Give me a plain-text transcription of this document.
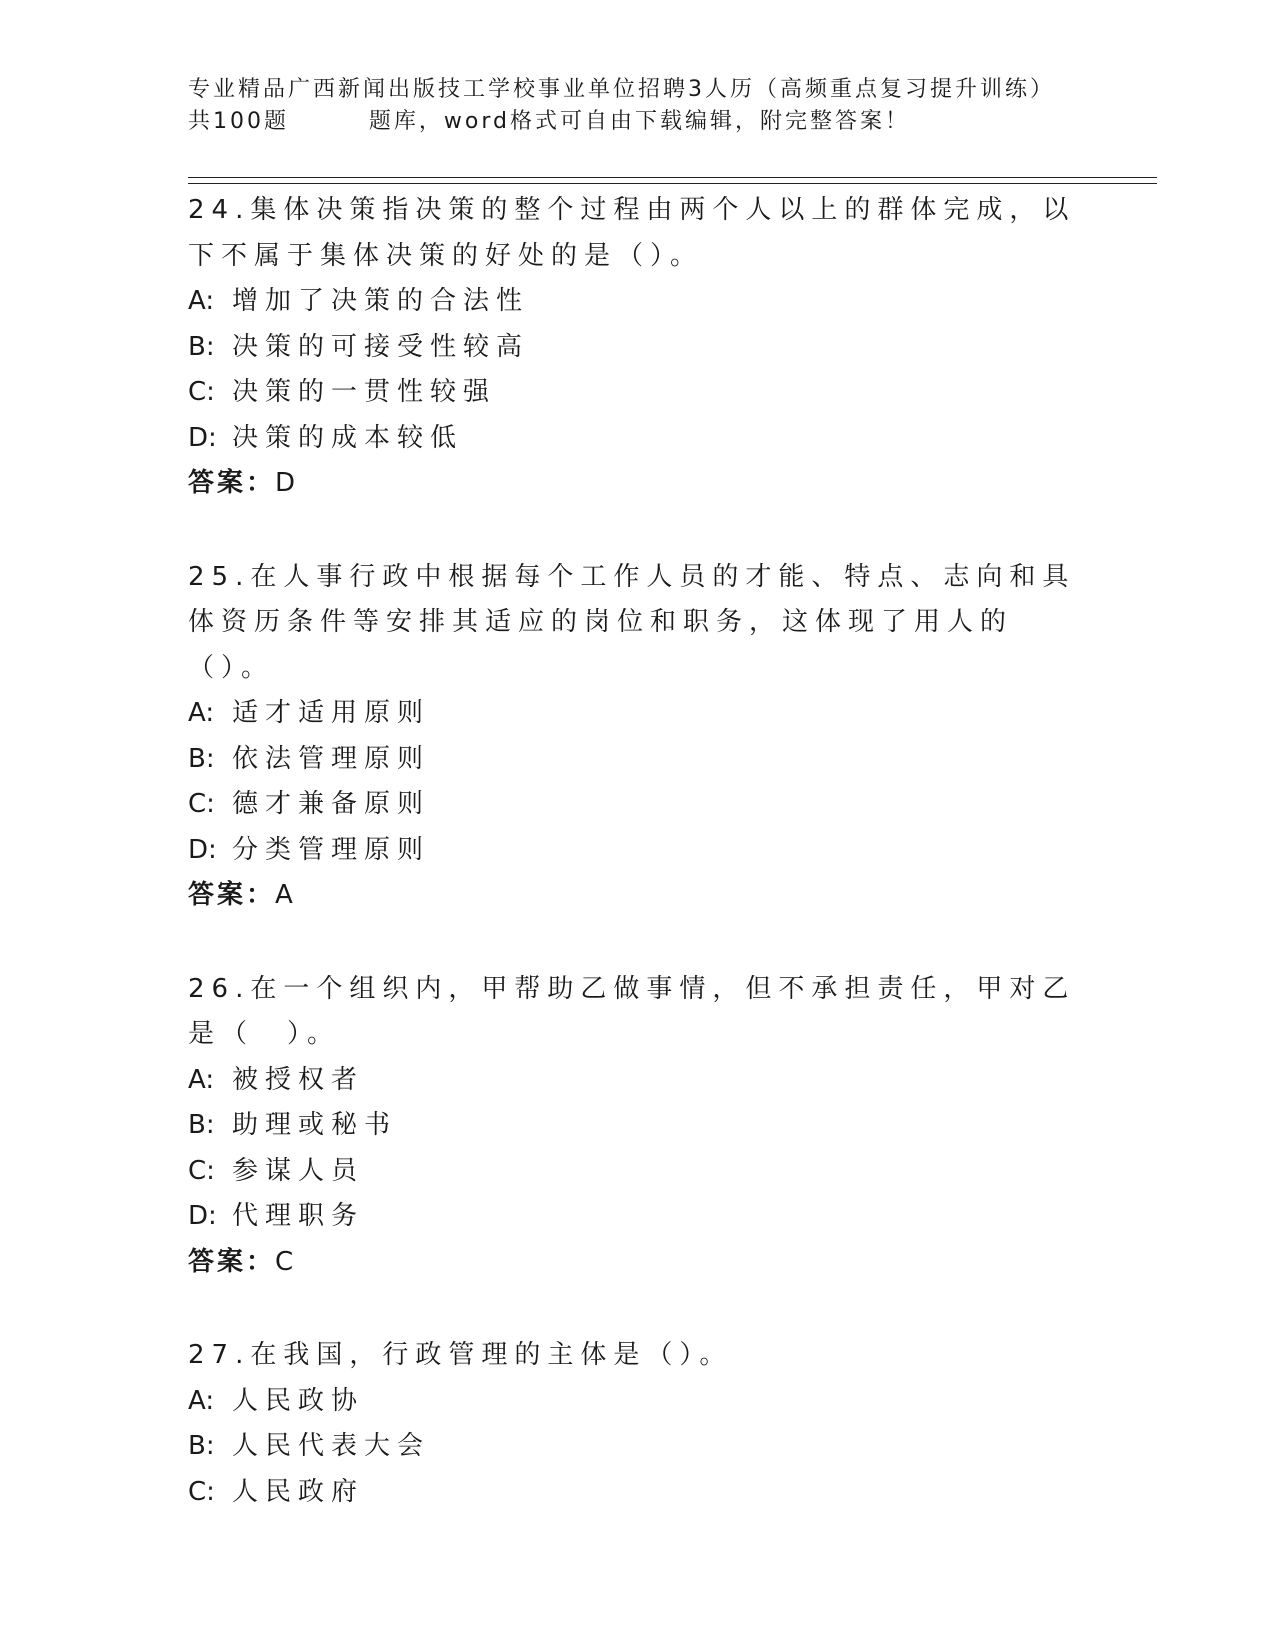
专业精品广西新闻出版技工学校事业单位招聘3人历（高频重点复习提升训练）
共100题        题库，word格式可自由下载编辑，附完整答案！

24.集体决策指决策的整个过程由两个人以上的群体完成，以下不属于集体决策的好处的是（）。

A: 增加了决策的合法性

B: 决策的可接受性较高

C: 决策的一贯性较强

D: 决策的成本较低

答案：D

25.在人事行政中根据每个工作人员的才能、特点、志向和具体资历条件等安排其适应的岗位和职务，这体现了用人的（）。

A: 适才适用原则

B: 依法管理原则

C: 德才兼备原则

D: 分类管理原则

答案：A

26.在一个组织内，甲帮助乙做事情，但不承担责任，甲对乙是（　）。

A: 被授权者

B: 助理或秘书

C: 参谋人员

D: 代理职务

答案：C

27.在我国，行政管理的主体是（）。

A: 人民政协

B: 人民代表大会

C: 人民政府
